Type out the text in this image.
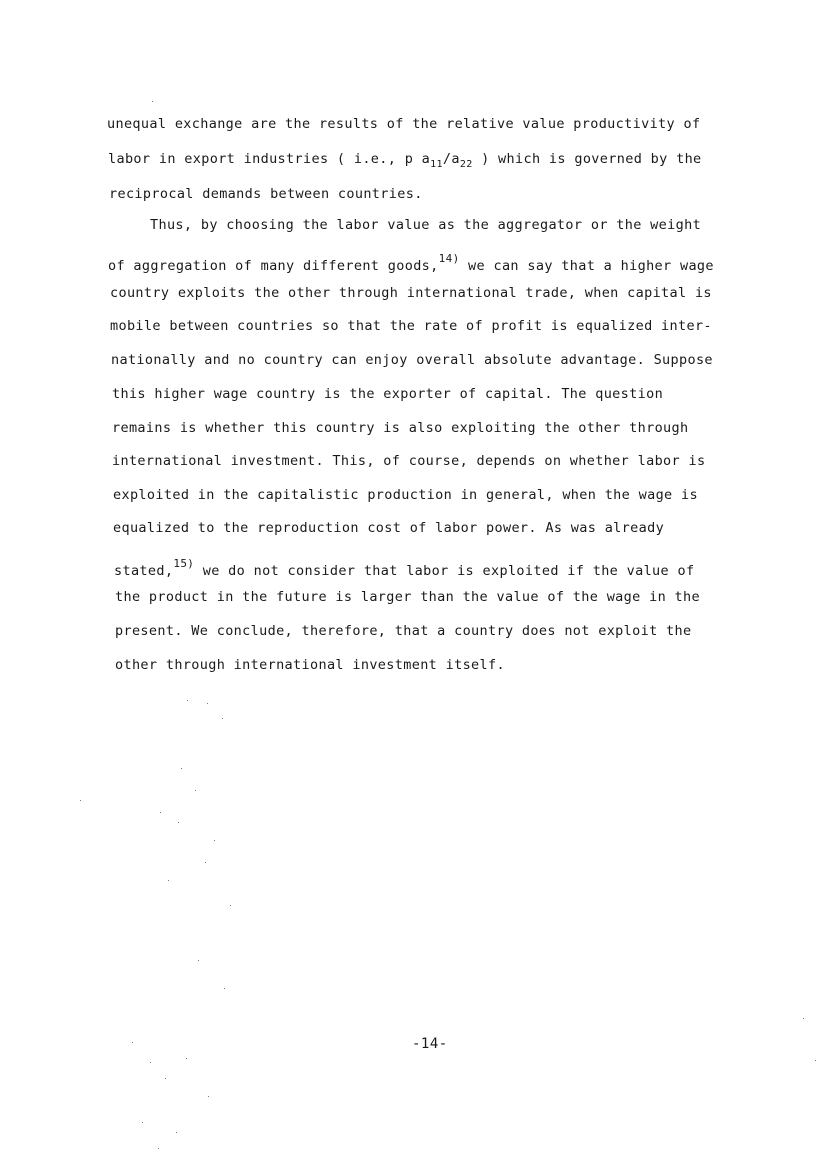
unequal exchange are the results of the relative value productivity of
labor in export industries ( i.e., p $a_{11}/a_{22}$ ) which is governed by the
reciprocal demands between countries.
Thus, by choosing the labor value as the aggregator or the weight
of aggregation of many different goods,$^{14)}$ we can say that a higher wage
country exploits the other through international trade, when capital is
mobile between countries so that the rate of profit is equalized inter-
nationally and no country can enjoy overall absolute advantage. Suppose
this higher wage country is the exporter of capital. The question
remains is whether this country is also exploiting the other through
international investment. This, of course, depends on whether labor is
exploited in the capitalistic production in general, when the wage is
equalized to the reproduction cost of labor power. As was already
stated,$^{15)}$ we do not consider that labor is exploited if the value of
the product in the future is larger than the value of the wage in the
present. We conclude, therefore, that a country does not exploit the
other through international investment itself.
-14-
